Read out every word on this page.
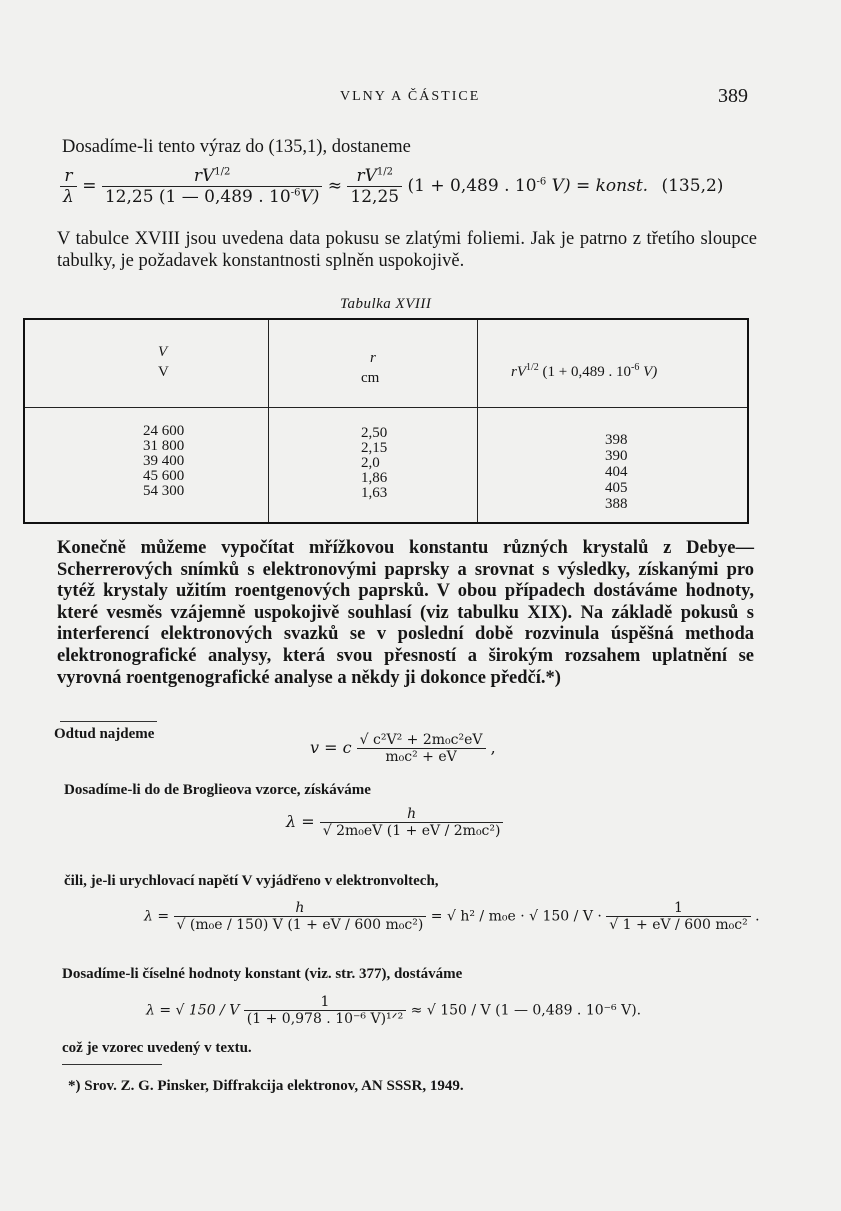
VLNY A ČÁSTICE	389
Dosadíme-li tento výraz do (135,1), dostaneme
$\frac{r}{\lambda} = \frac{rV^{1/2}}{12,25 (1 — 0,489 . 10^{-6}V)} \approx \frac{rV^{1/2}}{12,25} (1 + 0,489$ . $10^{-6}$ V) = konst. (135,2)
V tabulce XVIII jsou uvedena data pokusu se zlatými foliemi. Jak je patrno z třetího sloupce tabulky, je požadavek konstantnosti splněn uspokojivě.
Tabulka XVIII
V
V
r
cm	$rV^{1/2}$ (1 + 0,489 . $10^{-6}$ V)
24 600
31 800
39 400
45 600
54 300
2,50
2,15
2,0
1,86
1,63
398
390
404
405
388
Konečně můžeme vypočítat mřížkovou konstantu různých krystalů z Debye—Scherrerových snímků s elektronovými paprsky a srovnat s výsledky, získanými pro tytéž krystaly užitím roentgenových paprsků. V obou případech dostáváme hodnoty, které vesměs vzájemně uspokojivě souhlasí (viz tabulku XIX). Na základě pokusů s interferencí elektronových svazků se v poslední době rozvinula úspěšná methoda elektronografické analysy, která svou přesností a širokým rozsahem uplatnění se vyrovná roentgenografické analyse a někdy ji dokonce předčí.*)
Odtud najdeme
v = c $\frac{\text{√ c²V² + 2m₀c²eV}}{\text{m₀c² + eV}}$ ,
Dosadíme-li do de Broglieova vzorce, získáváme
$\lambda = \frac{h}{\text{√ 2m₀eV (1 + eV / 2m₀c²)}}$
čili, je-li urychlovací napětí V vyjádřeno v elektronvoltech,
$\lambda = \frac{h}{\text{√ (m₀e / 150) V (1 + eV / 600 m₀c²)}}$ = √ h² / m₀e · √ $150 / V \cdot \frac{1}{\text{√ 1 + eV / 600 m₀c²}}$ .
Dosadíme-li číselné hodnoty konstant (viz. str. 377), dostáváme
λ = √ 150 / V $\frac{1}{\text{(1 + 0,978 . 10⁻⁶ V)¹ᐟ²}}$ ≈ √ 150 / V (1 — 0,489 . 10⁻⁶ V).
což je vzorec uvedený v textu.
*) Srov. Z. G. Pinsker, Diffrakcija elektronov, AN SSSR, 1949.
